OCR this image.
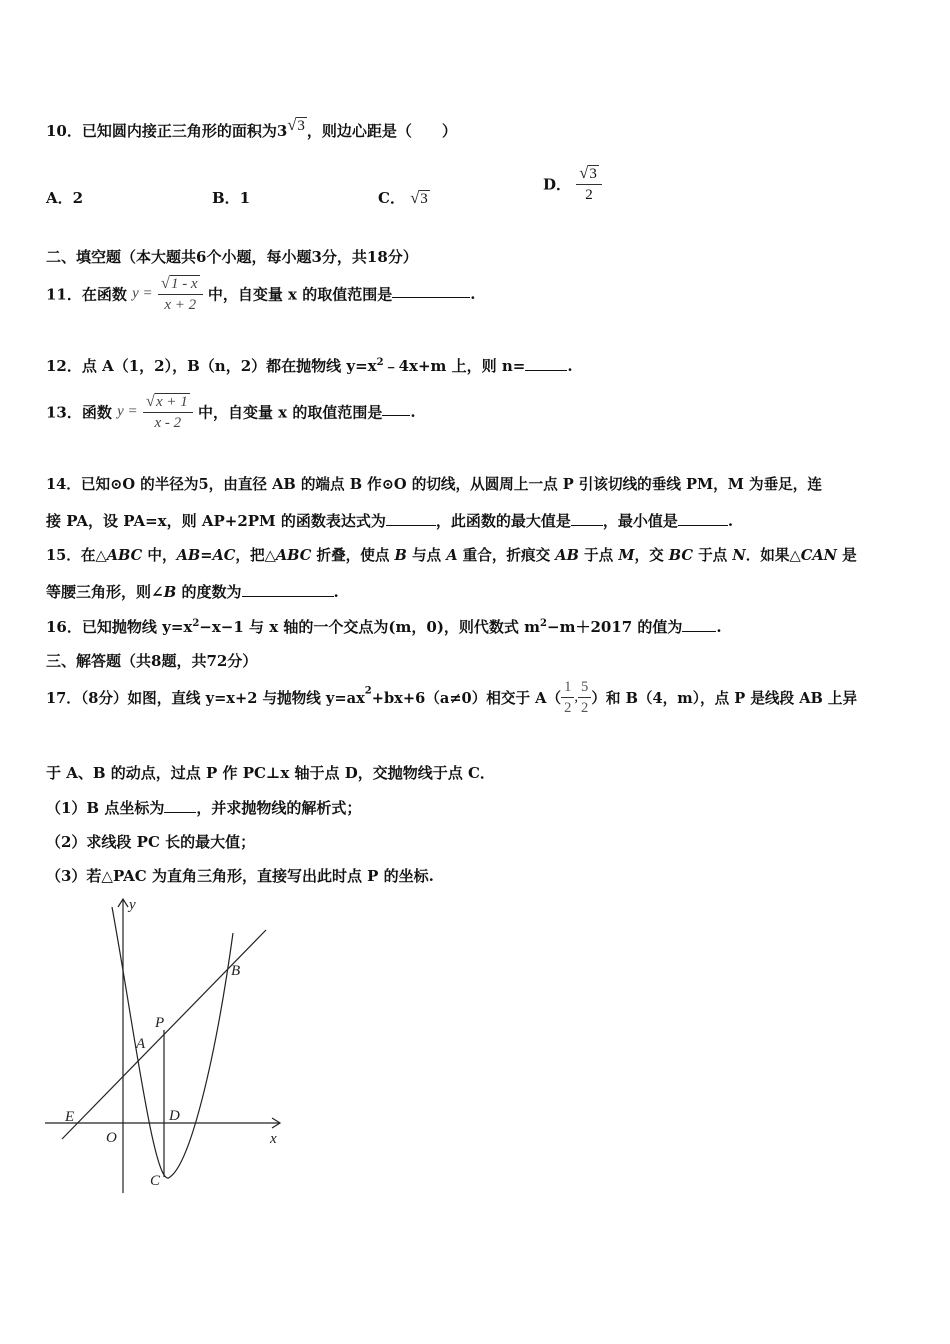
10．已知圆内接正三角形的面积为3√3 ，则边心距是（　　）
A．2	B．1	C． √3
D． $\frac{√3}{2}$
二、填空题（本大题共6个小题，每小题3分，共18分）
11．在函数 $y = \frac{√1 - x}{x + 2}$ 中，自变量 x 的取值范围是	.
12．点 A（1，2），B（n，2）都在抛物线 $y=x^2﹣4x+m$ 上，则 n=	.
13．函数 $y = \frac{√x + 1}{x - 2}$ 中，自变量 x 的取值范围是 .
14．已知⊙O 的半径为5，由直径 AB 的端点 B 作⊙O 的切线，从圆周上一点 P 引该切线的垂线 PM，M 为垂足，连
接 PA，设 PA=x，则 AP+2PM 的函数表达式为	，此函数的最大值是 ，最小值是	.
15．在△ABC 中，AB=AC，把△ABC 折叠，使点 B 与点 A 重合，折痕交 AB 于点 M，交 BC 于点 N．如果△CAN 是
等腰三角形，则∠B 的度数为	.
16．已知抛物线 $y=x^2-x-1$ 与 x 轴的一个交点为(m，0)，则代数式 $m^2-m+2017$ 的值为 .
三、解答题（共8题，共72分）
17．（8分）如图，直线 y=x+2 与抛物线 $y=ax^2+bx+6(a\ne 0)$相交于 $A( \frac{1}{2}$ , $\frac{5}{2}$ ）和 B（4，m），点 P 是线段 AB 上异
于 A、B 的动点，过点 P 作 PC⊥x 轴于点 D，交抛物线于点 C．
（1）B 点坐标为 ，并求抛物线的解析式；
（2）求线段 PC 长的最大值；
（3）若△PAC 为直角三角形，直接写出此时点 P 的坐标.
y
x
O
E
A
P
B
D
C
